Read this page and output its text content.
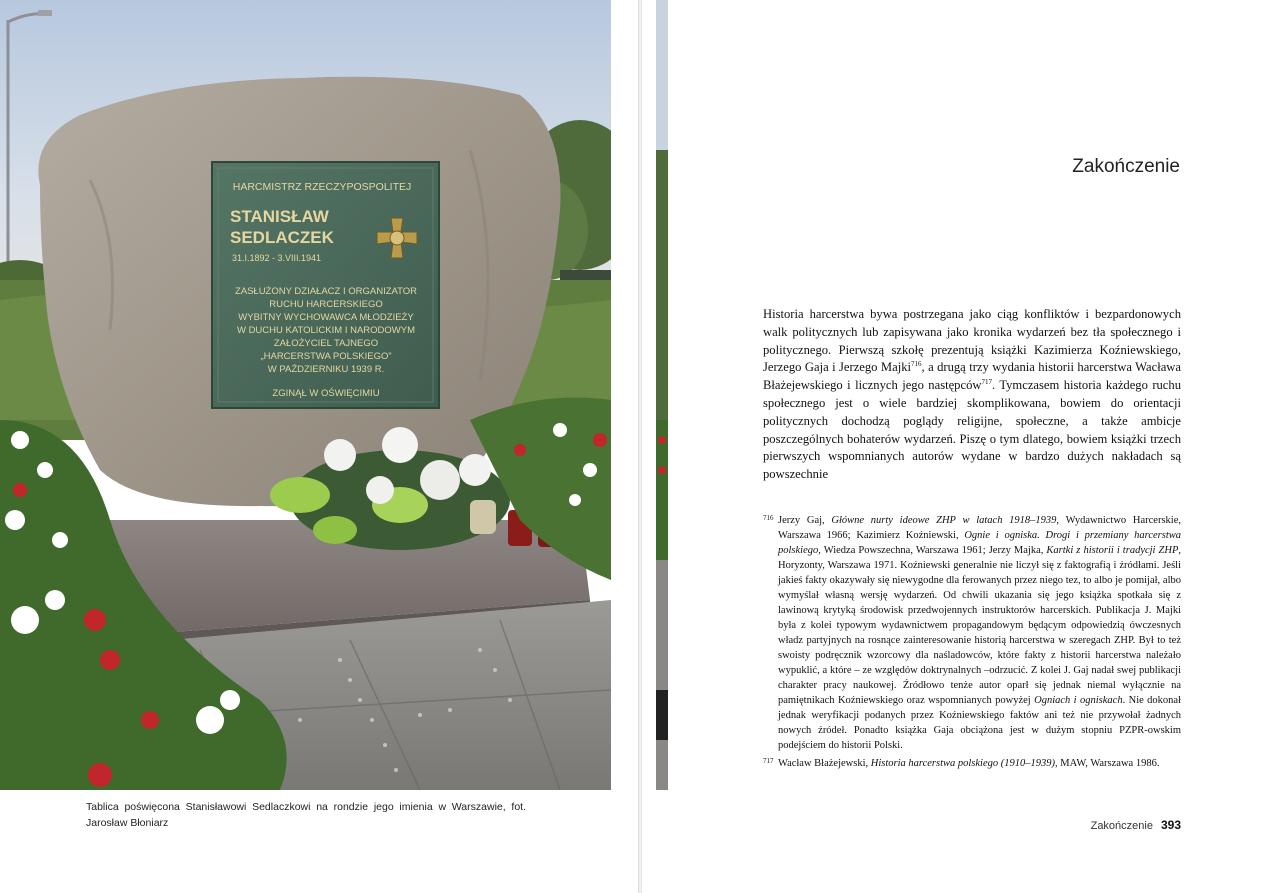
HARCMISTRZ RZECZYPOSPOLITEJ
STANISŁAW
SEDLACZEK
31.I.1892 - 3.VIII.1941
ZASŁUŻONY DZIAŁACZ I ORGANIZATOR
RUCHU HARCERSKIEGO
WYBITNY WYCHOWAWCA MŁODZIEŻY
W DUCHU KATOLICKIM I NARODOWYM
ZAŁOŻYCIEL TAJNEGO
„HARCERSTWA POLSKIEGO”
W PAŹDZIERNIKU 1939 R.
ZGINĄŁ W OŚWIĘCIMIU
Tablica poświęcona Stanisławowi Sedlaczkowi na rondzie jego imienia w Warszawie, fot. Jarosław Błoniarz
Zakończenie
Historia harcerstwa bywa postrzegana jako ciąg konfliktów i bezpardonowych walk politycznych lub zapisywana jako kronika wydarzeń bez tła społecznego i politycznego. Pierwszą szkołę prezentują książki Kazimierza Koźniewskiego, Jerzego Gaja i Jerzego Majki$^{716}$, a drugą trzy wydania historii harcerstwa Wacława Błażejewskiego i licznych jego następców$^{717}$. Tymczasem historia każdego ruchu społecznego jest o wiele bardziej skomplikowana, bowiem do orientacji politycznych dochodzą poglądy religijne, społeczne, a także ambicje poszczególnych bohaterów wydarzeń. Piszę o tym dlatego, bowiem książki trzech pierwszych wspomnianych autorów wydane w bardzo dużych nakładach są powszechnie
716 Jerzy Gaj, Główne nurty ideowe ZHP w latach 1918–1939, Wydawnictwo Harcerskie, Warszawa 1966; Kazimierz Koźniewski, Ognie i ogniska. Drogi i przemiany harcerstwa polskiego, Wiedza Powszechna, Warszawa 1961; Jerzy Majka, Kartki z historii i tradycji ZHP, Horyzonty, Warszawa 1971. Koźniewski generalnie nie liczył się z faktografią i źródłami. Jeśli jakieś fakty okazywały się niewygodne dla ferowanych przez niego tez, to albo je pomijał, albo wymyślał własną wersję wydarzeń. Od chwili ukazania się jego książka spotkała się z lawinową krytyką środowisk przedwojennych instruktorów harcerskich. Publikacja J. Majki była z kolei typowym wydawnictwem propagandowym będącym odpowiedzią ówczesnych władz partyjnych na rosnące zainteresowanie historią harcerstwa w szeregach ZHP. Był to też swoisty podręcznik wzorcowy dla naśladowców, które fakty z historii harcerstwa należało wypuklić, a które – ze względów doktrynalnych –odrzucić. Z kolei J. Gaj nadał swej publikacji charakter pracy naukowej. Źródłowo tenże autor oparł się jednak niemal wyłącznie na pamiętnikach Koźniewskiego oraz wspomnianych powyżej Ogniach i ogniskach. Nie dokonał jednak weryfikacji podanych przez Koźniewskiego faktów ani też nie przywołał żadnych nowych źródeł. Ponadto książka Gaja obciążona jest w dużym stopniu PZPR-owskim podejściem do historii Polski.
717 Wacław Błażejewski, Historia harcerstwa polskiego (1910–1939), MAW, Warszawa 1986.
Zakończenie 393
